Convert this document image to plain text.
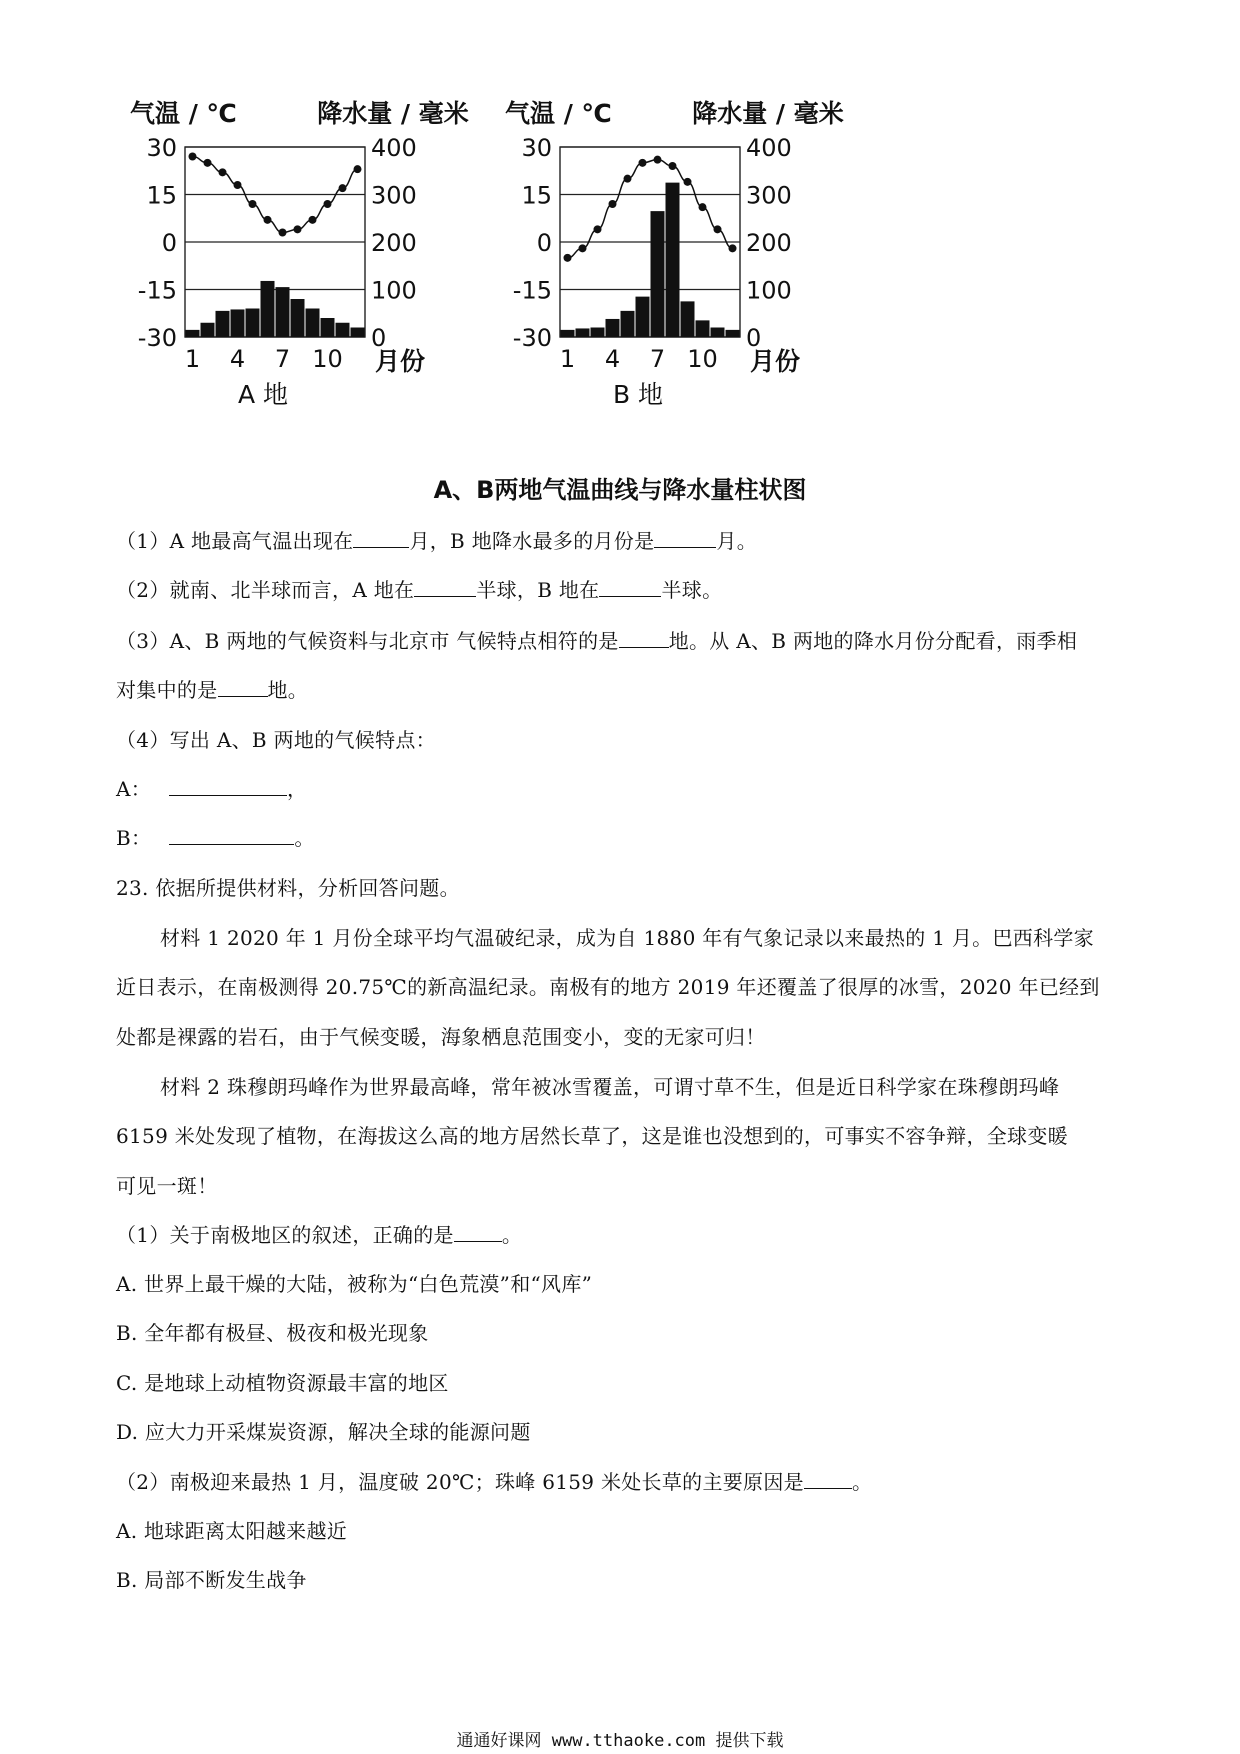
气温 / ℃	降水量 / 毫米
30	400
15	300
0	200
-15	100
-30	0
1 4 7 10 月份
A 地
气温 / ℃	降水量 / 毫米
30	400
15	300
0	200
-15	100
-30	0
1 4 7 10 月份
B 地
A、B两地气温曲线与降水量柱状图
（1）A 地最高气温出现在	月，B 地降水最多的月份是	月。
（2）就南、北半球而言，A 地在	半球，B 地在	半球。
（3）A、B 两地的气候资料与北京市 气候特点相符的是	地。从 A、B 两地的降水月份分配看，雨季相
对集中的是	地。
（4）写出 A、B 两地的气候特点：
A：	，
B：	。
23. 依据所提供材料，分析回答问题。
材料 1 2020 年 1 月份全球平均气温破纪录，成为自 1880 年有气象记录以来最热的 1 月。巴西科学家
近日表示，在南极测得 20.75℃的新高温纪录。南极有的地方 2019 年还覆盖了很厚的冰雪，2020 年已经到
处都是裸露的岩石，由于气候变暖，海象栖息范围变小，变的无家可归！
材料 2 珠穆朗玛峰作为世界最高峰，常年被冰雪覆盖，可谓寸草不生，但是近日科学家在珠穆朗玛峰
6159 米处发现了植物，在海拔这么高的地方居然长草了，这是谁也没想到的，可事实不容争辩，全球变暖
可见一斑！
（1）关于南极地区的叙述，正确的是 。
A. 世界上最干燥的大陆，被称为“白色荒漠”和“风库”
B. 全年都有极昼、极夜和极光现象
C. 是地球上动植物资源最丰富的地区
D. 应大力开采煤炭资源，解决全球的能源问题
（2）南极迎来最热 1 月，温度破 20℃；珠峰 6159 米处长草的主要原因是 。
A. 地球距离太阳越来越近
B. 局部不断发生战争
通通好课网 www.tthaoke.com 提供下载
